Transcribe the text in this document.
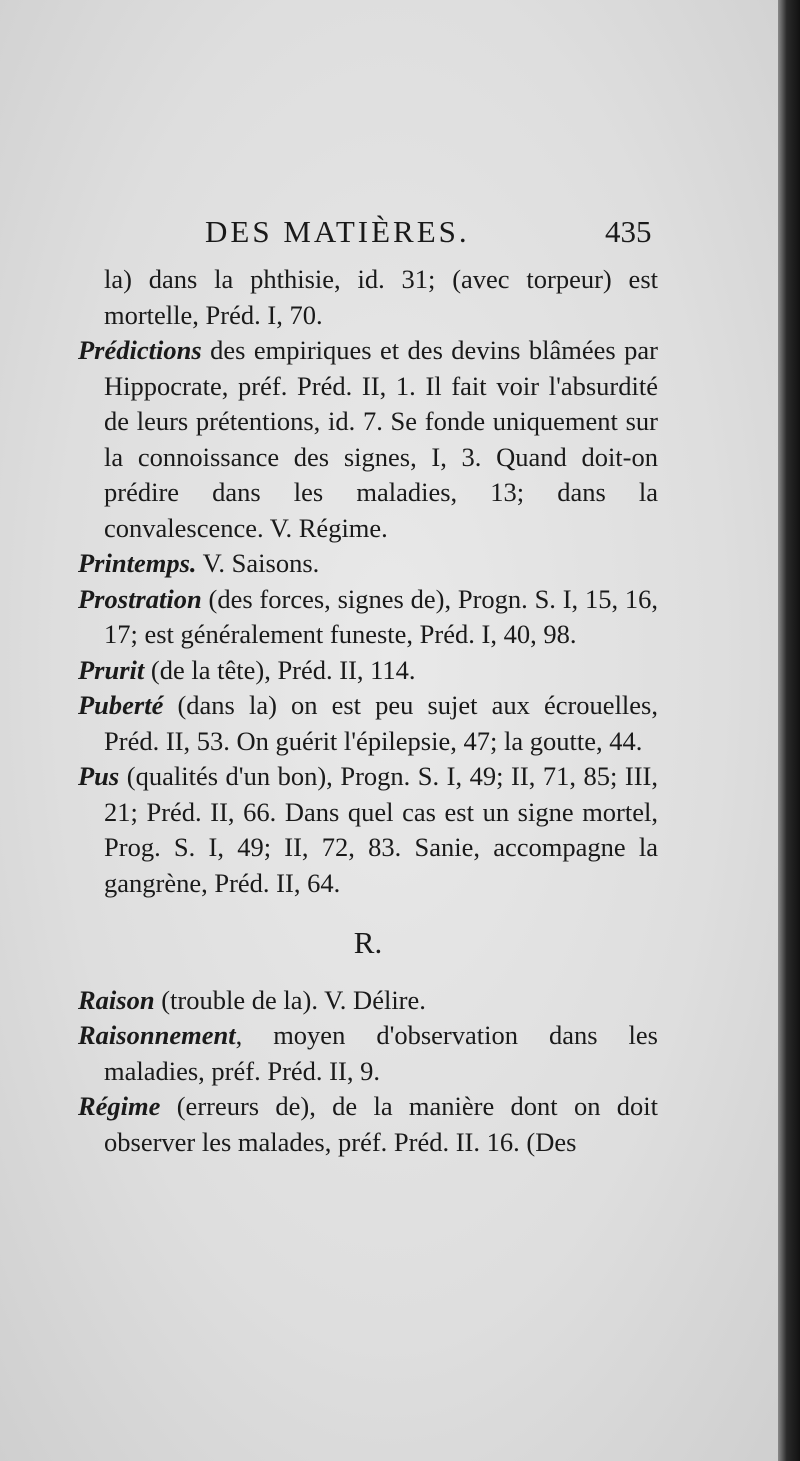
DES MATIÈRES.	435

la) dans la phthisie, id. 31; (avec torpeur) est mortelle, Préd. I, 70.

Prédictions des empiriques et des devins blâmées par Hippocrate, préf. Préd. II, 1. Il fait voir l'absurdité de leurs prétentions, id. 7. Se fonde uniquement sur la connoissance des signes, I, 3. Quand doit-on prédire dans les maladies, 13; dans la convalescence. V. Régime.

Printemps. V. Saisons.

Prostration (des forces, signes de), Progn. S. I, 15, 16, 17; est généralement funeste, Préd. I, 40, 98.

Prurit (de la tête), Préd. II, 114.

Puberté (dans la) on est peu sujet aux écrouelles, Préd. II, 53. On guérit l'épilepsie, 47; la goutte, 44.

Pus (qualités d'un bon), Progn. S. I, 49; II, 71, 85; III, 21; Préd. II, 66. Dans quel cas est un signe mortel, Prog. S. I, 49; II, 72, 83. Sanie, accompagne la gangrène, Préd. II, 64.

R.

Raison (trouble de la). V. Délire.

Raisonnement, moyen d'observation dans les maladies, préf. Préd. II, 9.

Régime (erreurs de), de la manière dont on doit observer les malades, préf. Préd. II. 16. (Des
